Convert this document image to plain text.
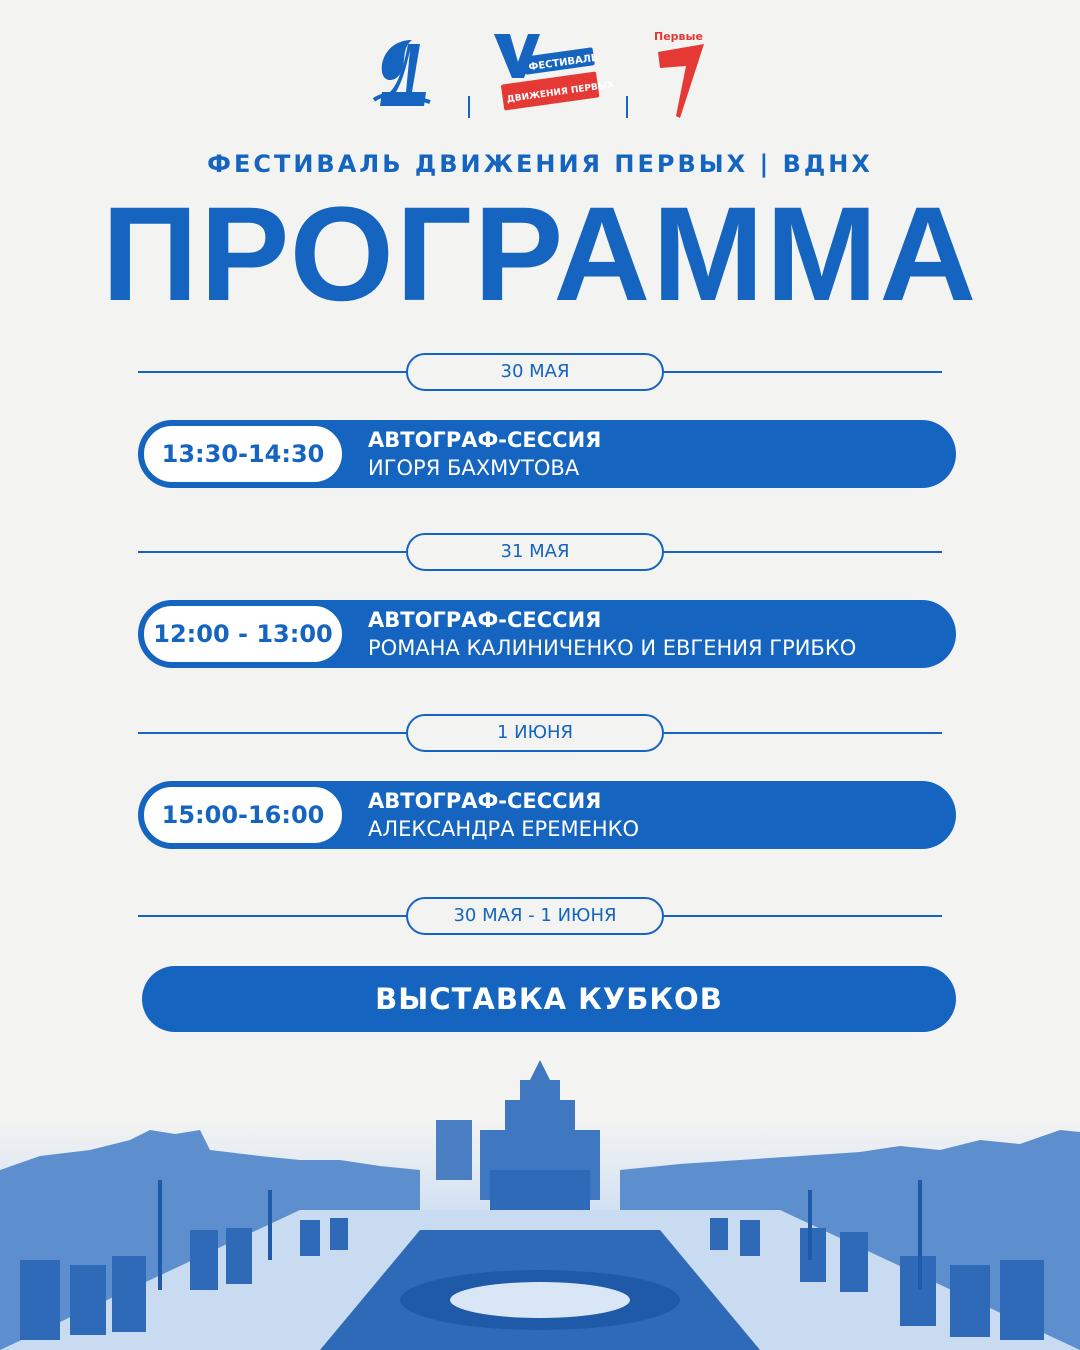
ФЕСТИВАЛЬ
ДВИЖЕНИЯ ПЕРВЫХ
Первые
ФЕСТИВАЛЬ ДВИЖЕНИЯ ПЕРВЫХ | ВДНХ
ПРОГРАММА
30 МАЯ
13:30-14:30	АВТОГРАФ-СЕССИЯ
ИГОРЯ БАХМУТОВА
31 МАЯ
12:00 - 13:00	АВТОГРАФ-СЕССИЯ
РОМАНА КАЛИНИЧЕНКО И ЕВГЕНИЯ ГРИБКО
1 ИЮНЯ
15:00-16:00	АВТОГРАФ-СЕССИЯ
АЛЕКСАНДРА ЕРЕМЕНКО
30 МАЯ - 1 ИЮНЯ
ВЫСТАВКА КУБКОВ
